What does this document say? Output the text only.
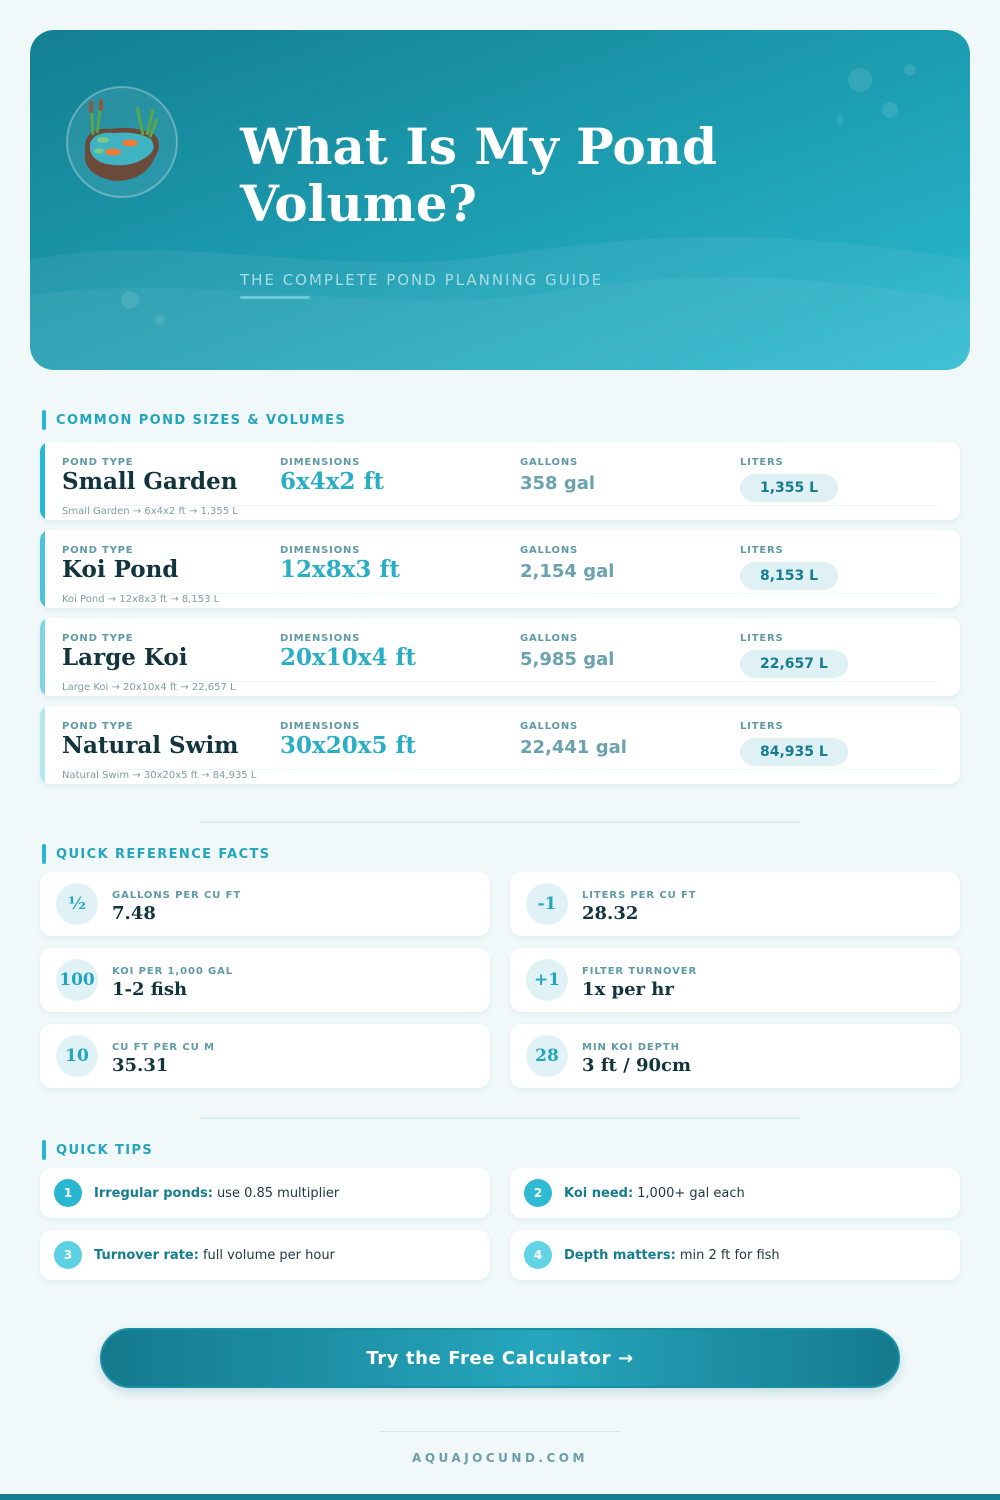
What Is My Pond Volume?
THE COMPLETE POND PLANNING GUIDE
COMMON POND SIZES & VOLUMES
POND TYPE
Small Garden
DIMENSIONS
6x4x2 ft
GALLONS
358 gal
LITERS
1,355 L
Small Garden → 6x4x2 ft → 1,355 L
POND TYPE
Koi Pond
DIMENSIONS
12x8x3 ft
GALLONS
2,154 gal
LITERS
8,153 L
Koi Pond → 12x8x3 ft → 8,153 L
POND TYPE
Large Koi
DIMENSIONS
20x10x4 ft
GALLONS
5,985 gal
LITERS
22,657 L
Large Koi → 20x10x4 ft → 22,657 L
POND TYPE
Natural Swim
DIMENSIONS
30x20x5 ft
GALLONS
22,441 gal
LITERS
84,935 L
Natural Swim → 30x20x5 ft → 84,935 L
QUICK REFERENCE FACTS
½	GALLONS PER CU FT
7.48	-1	LITERS PER CU FT
28.32
100	KOI PER 1,000 GAL
1-2 fish	+1	FILTER TURNOVER
1x per hr
10	CU FT PER CU M
35.31	28	MIN KOI DEPTH
3 ft / 90cm
QUICK TIPS
1	Irregular ponds: use 0.85 multiplier	2	Koi need: 1,000+ gal each
3	Turnover rate: full volume per hour	4	Depth matters: min 2 ft for fish
Try the Free Calculator →
AQUAJOCUND.COM
